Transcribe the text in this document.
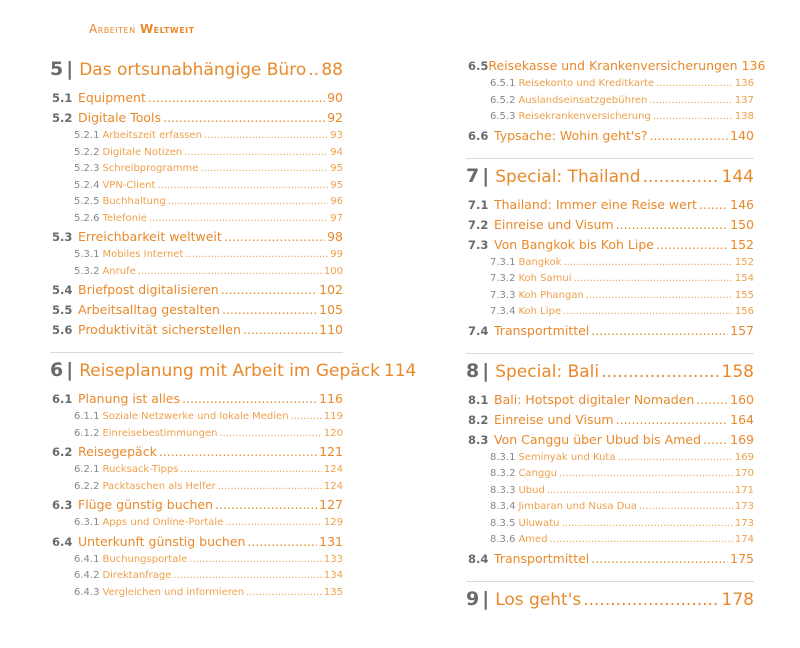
Arbeiten Weltweit
5 | Das ortsunabhängige Büro ..... 88
5.1 Equipment .....	90
5.2 Digitale Tools .....	92
5.2.1 Arbeitszeit erfassen .....	93
5.2.2 Digitale Notizen .....	94
5.2.3 Schreibprogramme .....	95
5.2.4 VPN-Client .....	95
5.2.5 Buchhaltung .....	96
5.2.6 Telefonie .....	97
5.3 Erreichbarkeit weltweit .....	98
5.3.1 Mobiles Internet .....	99
5.3.2 Anrufe .....	100
5.4 Briefpost digitalisieren .....	102
5.5 Arbeitsalltag gestalten .....	105
5.6 Produktivität sicherstellen .....	110
6 | Reiseplanung mit Arbeit im Gepäck 114
6.1 Planung ist alles .....	116
6.1.1 Soziale Netzwerke und lokale Medien .....	119
6.1.2 Einreisebestimmungen .....	120
6.2 Reisegepäck .....	121
6.2.1 Rucksack-Tipps .....	124
6.2.2 Packtaschen als Helfer .....	124
6.3 Flüge günstig buchen .....	127
6.3.1 Apps und Online-Portale .....	129
6.4 Unterkunft günstig buchen .....	131
6.4.1 Buchungsportale .....	133
6.4.2 Direktanfrage .....	134
6.4.3 Vergleichen und informieren .....	135
6.5 Reisekasse und Krankenversicherungen 136
6.5.1 Reisekonto und Kreditkarte .....	136
6.5.2 Auslandseinsatzgebühren .....	137
6.5.3 Reisekrankenversicherung .....	138
6.6 Typsache: Wohin geht's? .....	140
7 | Special: Thailand .....	144
7.1 Thailand: Immer eine Reise wert .....	146
7.2 Einreise und Visum .....	150
7.3 Von Bangkok bis Koh Lipe .....	152
7.3.1 Bangkok .....	152
7.3.2 Koh Samui .....	154
7.3.3 Koh Phangan .....	155
7.3.4 Koh Lipe .....	156
7.4 Transportmittel .....	157
8 | Special: Bali .....	158
8.1 Bali: Hotspot digitaler Nomaden .....	160
8.2 Einreise und Visum .....	164
8.3 Von Canggu über Ubud bis Amed ..... 169
8.3.1 Seminyak und Kuta .....	169
8.3.2 Canggu .....	170
8.3.3 Ubud .....	171
8.3.4 Jimbaran und Nusa Dua .....	173
8.3.5 Uluwatu .....	173
8.3.6 Amed .....	174
8.4 Transportmittel .....	175
9 | Los geht's .....	178
